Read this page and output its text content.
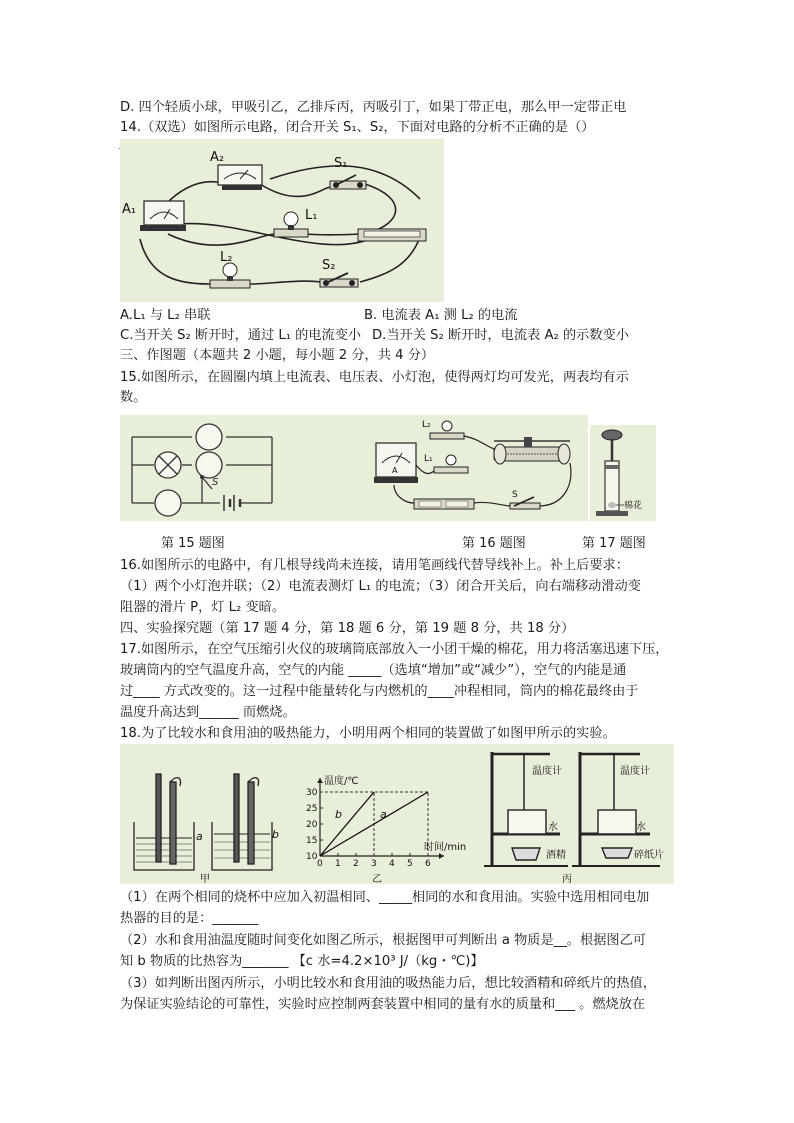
D. 四个轻质小球，甲吸引乙，乙排斥丙，丙吸引丁，如果丁带正电，那么甲一定带正电
14.（双选）如图所示电路，闭合开关 S₁、S₂，下面对电路的分析不正确的是（）
A₂	S₁
A₁	L₁
L₂
S₂
A.L₁ 与 L₂ 串联	B. 电流表 A₁ 测 L₂ 的电流
C.当开关 S₂ 断开时，通过 L₁ 的电流变小 D.当开关 S₂ 断开时，电流表 A₂ 的示数变小
三、作图题（本题共 2 小题，每小题 2 分，共 4 分）
15.如图所示，在圆圈内填上电流表、电压表、小灯泡，使得两灯均可发光，两表均有示
数。
S
A
L₂
L₁
S
棉花
第 15 题图	第 16 题图	第 17 题图
16.如图所示的电路中，有几根导线尚未连接，请用笔画线代替导线补上。补上后要求：
（1）两个小灯泡并联；（2）电流表测灯 L₁ 的电流；（3）闭合开关后，向右端移动滑动变
阻器的滑片 P，灯 L₂ 变暗。
四、实验探究题（第 17 题 4 分，第 18 题 6 分，第 19 题 8 分，共 18 分）
17.如图所示，在空气压缩引火仪的玻璃筒底部放入一小团干燥的棉花，用力将活塞迅速下压，
玻璃筒内的空气温度升高，空气的内能 _____（选填“增加”或“减少”），空气的内能是通
过____ 方式改变的。这一过程中能量转化与内燃机的____冲程相同，筒内的棉花最终由于
温度升高达到______ 而燃烧。
18.为了比较水和食用油的吸热能力，小明用两个相同的装置做了如图甲所示的实验。
a	b
甲
0 1 2 3 4 5 6
10
15
20
25
30
a
b
温度/℃
时间/min
乙
温度计
水
酒精
温度计
水
碎纸片
丙
（1）在两个相同的烧杯中应加入初温相同、_____相同的水和食用油。实验中选用相同电加
热器的目的是：_______
（2）水和食用油温度随时间变化如图乙所示，根据图甲可判断出 a 物质是__。根据图乙可
知 b 物质的比热容为_______ 【c 水=4.2×10³ J/（kg・℃)】
（3）如判断出图丙所示，小明比较水和食用油的吸热能力后，想比较酒精和碎纸片的热值，
为保证实验结论的可靠性，实验时应控制两套装置中相同的量有水的质量和___ 。燃烧放在
